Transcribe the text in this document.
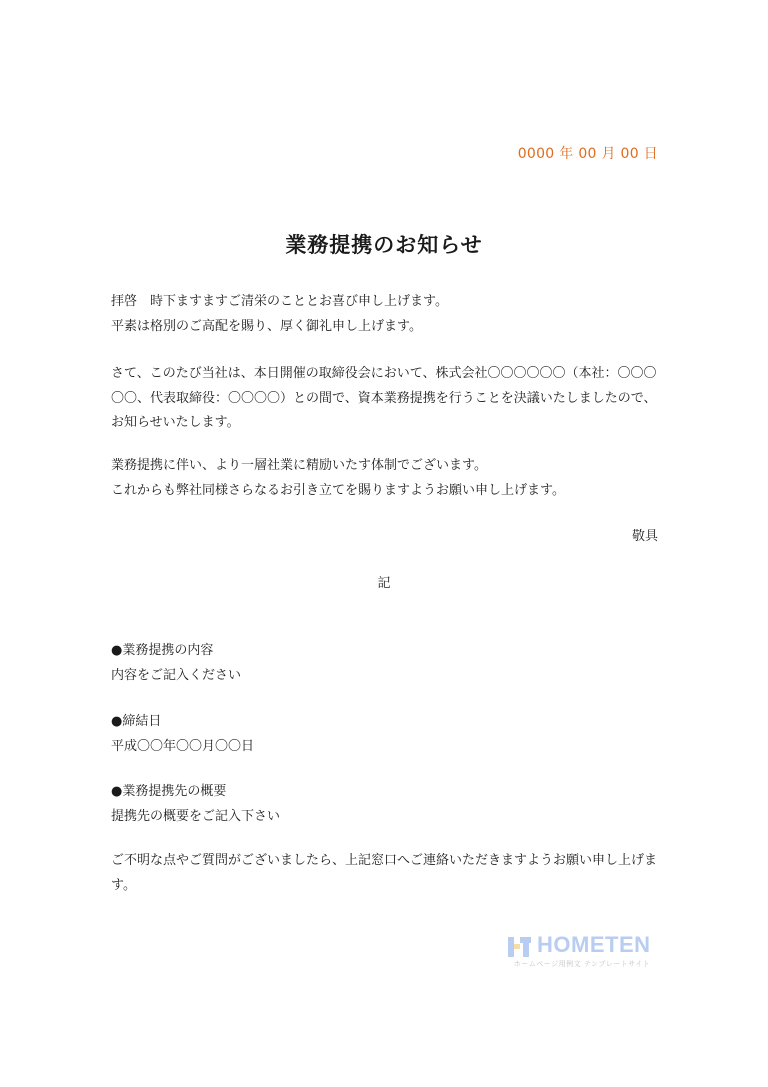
0000 年 00 月 00 日
業務提携のお知らせ

拝啓　時下ますますご清栄のこととお喜び申し上げます。

平素は格別のご高配を賜り、厚く御礼申し上げます。

さて、このたび当社は、本日開催の取締役会において、株式会社〇〇〇〇〇〇（本社：〇〇〇〇〇、代表取締役：〇〇〇〇）との間で、資本業務提携を行うことを決議いたしましたので、お知らせいたします。

業務提携に伴い、より一層社業に精励いたす体制でございます。

これからも弊社同様さらなるお引き立てを賜りますようお願い申し上げます。

敬具
記

●業務提携の内容

内容をご記入ください

●締結日

平成〇〇年〇〇月〇〇日

●業務提携先の概要

提携先の概要をご記入下さい

ご不明な点やご質問がございましたら、上記窓口へご連絡いただきますようお願い申し上げます。

HOMETEN
ホームページ用例文 テンプレートサイト
